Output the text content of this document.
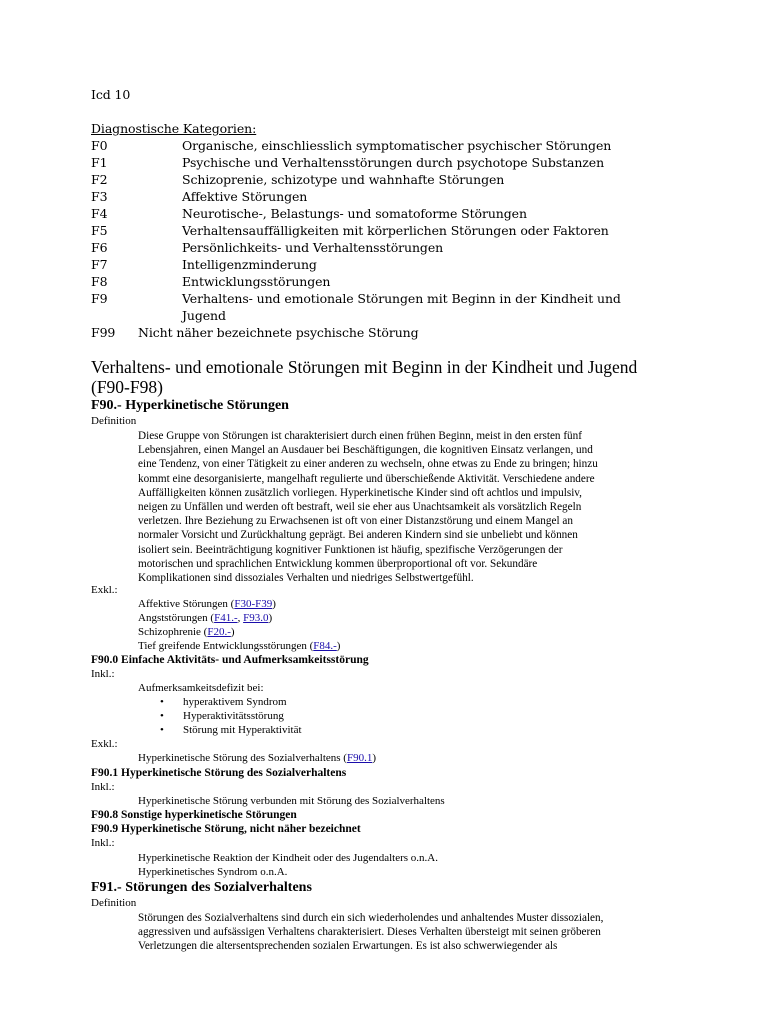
Icd 10
Diagnostische Kategorien:
F0	Organische, einschliesslich symptomatischer psychischer Störungen
F1	Psychische und Verhaltensstörungen durch psychotope Substanzen
F2	Schizoprenie, schizotype und wahnhafte Störungen
F3	Affektive Störungen
F4	Neurotische-, Belastungs- und somatoforme Störungen
F5	Verhaltensauffälligkeiten mit körperlichen Störungen oder Faktoren
F6	Persönlichkeits- und Verhaltensstörungen
F7	Intelligenzminderung
F8	Entwicklungsstörungen
F9	Verhaltens- und emotionale Störungen mit Beginn in der Kindheit und
Jugend
F99 Nicht näher bezeichnete psychische Störung
Verhaltens- und emotionale Störungen mit Beginn in der Kindheit und Jugend
(F90-F98)
F90.- Hyperkinetische Störungen
Definition
Diese Gruppe von Störungen ist charakterisiert durch einen frühen Beginn, meist in den ersten fünf
Lebensjahren, einen Mangel an Ausdauer bei Beschäftigungen, die kognitiven Einsatz verlangen, und
eine Tendenz, von einer Tätigkeit zu einer anderen zu wechseln, ohne etwas zu Ende zu bringen; hinzu
kommt eine desorganisierte, mangelhaft regulierte und überschießende Aktivität. Verschiedene andere
Auffälligkeiten können zusätzlich vorliegen. Hyperkinetische Kinder sind oft achtlos und impulsiv,
neigen zu Unfällen und werden oft bestraft, weil sie eher aus Unachtsamkeit als vorsätzlich Regeln
verletzen. Ihre Beziehung zu Erwachsenen ist oft von einer Distanzstörung und einem Mangel an
normaler Vorsicht und Zurückhaltung geprägt. Bei anderen Kindern sind sie unbeliebt und können
isoliert sein. Beeinträchtigung kognitiver Funktionen ist häufig, spezifische Verzögerungen der
motorischen und sprachlichen Entwicklung kommen überproportional oft vor. Sekundäre
Komplikationen sind dissoziales Verhalten und niedriges Selbstwertgefühl.
Exkl.:
Affektive Störungen (F30-F39)
Angststörungen (F41.-, F93.0)
Schizophrenie (F20.-)
Tief greifende Entwicklungsstörungen (F84.-)
F90.0 Einfache Aktivitäts- und Aufmerksamkeitsstörung
Inkl.:
Aufmerksamkeitsdefizit bei:
• hyperaktivem Syndrom
• Hyperaktivitätsstörung
• Störung mit Hyperaktivität
Exkl.:
Hyperkinetische Störung des Sozialverhaltens (F90.1)
F90.1 Hyperkinetische Störung des Sozialverhaltens
Inkl.:
Hyperkinetische Störung verbunden mit Störung des Sozialverhaltens
F90.8 Sonstige hyperkinetische Störungen
F90.9 Hyperkinetische Störung, nicht näher bezeichnet
Inkl.:
Hyperkinetische Reaktion der Kindheit oder des Jugendalters o.n.A.
Hyperkinetisches Syndrom o.n.A.
F91.- Störungen des Sozialverhaltens
Definition
Störungen des Sozialverhaltens sind durch ein sich wiederholendes und anhaltendes Muster dissozialen,
aggressiven und aufsässigen Verhaltens charakterisiert. Dieses Verhalten übersteigt mit seinen gröberen
Verletzungen die altersentsprechenden sozialen Erwartungen. Es ist also schwerwiegender als
